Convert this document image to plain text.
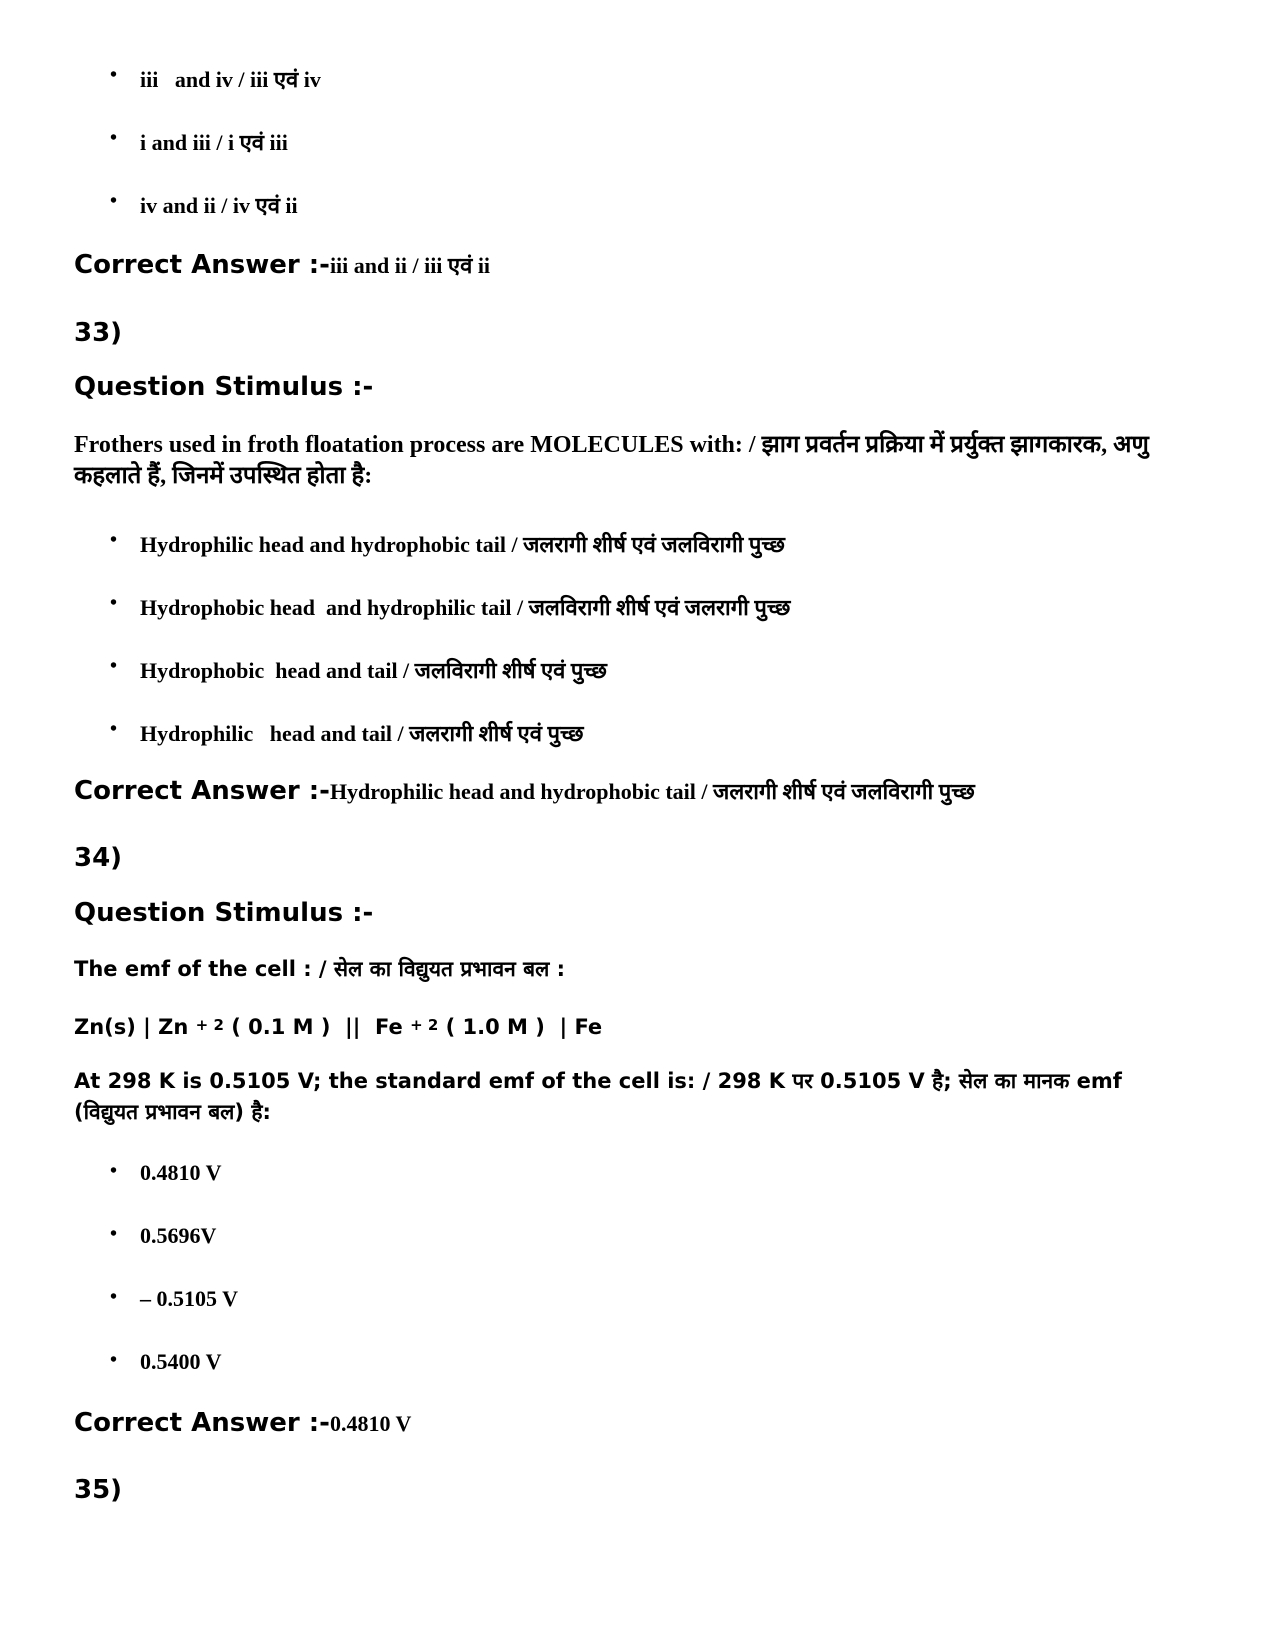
•

iii   and iv / iii एवं iv

•

i and iii / i एवं iii

•

iv and ii / iv एवं ii

Correct Answer :-iii and ii / iii एवं ii
33)
Question Stimulus :-
Frothers used in froth floatation process are MOLECULES with: / झाग प्रवर्तन प्रक्रिया में प्रर्युक्त झागकारक, अणु कहलाते हैं, जिनमें उपस्थित होता है:

•

Hydrophilic head and hydrophobic tail / जलरागी शीर्ष एवं जलविरागी पुच्छ

•

Hydrophobic head  and hydrophilic tail / जलविरागी शीर्ष एवं जलरागी पुच्छ

•

Hydrophobic  head and tail / जलविरागी शीर्ष एवं पुच्छ

•

Hydrophilic   head and tail / जलरागी शीर्ष एवं पुच्छ

Correct Answer :-Hydrophilic head and hydrophobic tail / जलरागी शीर्ष एवं जलविरागी पुच्छ
34)
Question Stimulus :-
The emf of the cell : / सेल का विद्युयत प्रभावन बल :
Zn(s) | Zn $^{+ 2}$ ( 0.1 M )  ||  Fe $^{+ 2}$ ( 1.0 M )  | Fe
At 298 K is 0.5105 V; the standard emf of the cell is: / 298 K पर 0.5105 V है; सेल का मानक emf (विद्युयत प्रभावन बल) है:

•

0.4810 V

•

0.5696V

•

– 0.5105 V

•

0.5400 V

Correct Answer :-0.4810 V
35)
